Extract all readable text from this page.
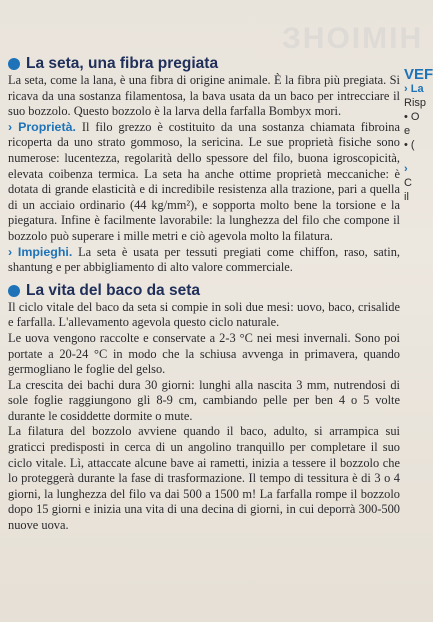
ЗНОІМІН
La seta, una fibra pregiata

La seta, come la lana, è una fibra di origine animale. È la fibra più pregiata. Si ricava da una sostanza filamentosa, la bava usata da un baco per intrecciare il suo bozzolo. Questo bozzolo è la larva della farfalla Bombyx mori.

› Proprietà. Il filo grezzo è costituito da una sostanza chiamata fibroina ricoperta da uno strato gommoso, la sericina. Le sue proprietà fisiche sono numerose: lucentezza, regolarità dello spessore del filo, buona igroscopicità, elevata coibenza termica. La seta ha anche ottime proprietà meccaniche: è dotata di grande elasticità e di incredibile resistenza alla trazione, pari a quella di un acciaio ordinario (44 kg/mm²), e sopporta molto bene la torsione e la piegatura. Infine è facilmente lavorabile: la lunghezza del filo che compone il bozzolo può superare i mille metri e ciò agevola molto la filatura.

› Impieghi. La seta è usata per tessuti pregiati come chiffon, raso, satin, shantung e per abbigliamento di alto valore commerciale.

La vita del baco da seta

Il ciclo vitale del baco da seta si compie in soli due mesi: uovo, baco, crisalide e farfalla. L'allevamento agevola questo ciclo naturale.

Le uova vengono raccolte e conservate a 2-3 °C nei mesi invernali. Sono poi portate a 20-24 °C in modo che la schiusa avvenga in primavera, quando germogliano le foglie del gelso.

La crescita dei bachi dura 30 giorni: lunghi alla nascita 3 mm, nutrendosi di sole foglie raggiungono gli 8-9 cm, cambiando pelle per ben 4 o 5 volte durante le cosiddette dormite o mute.

La filatura del bozzolo avviene quando il baco, adulto, si arrampica sui graticci predisposti in cerca di un angolino tranquillo per completare il suo ciclo vitale. Lì, attaccate alcune bave ai rametti, inizia a tessere il bozzolo che lo proteggerà durante la fase di trasformazione. Il tempo di tessitura è di 3 o 4 giorni, la lunghezza del filo va dai 500 a 1500 m! La farfalla rompe il bozzolo dopo 15 giorni e inizia una vita di una decina di giorni, in cui deporrà 300-500 nuove uova.

VEF
› La
Risp
• O
e
• (
›
C
il
